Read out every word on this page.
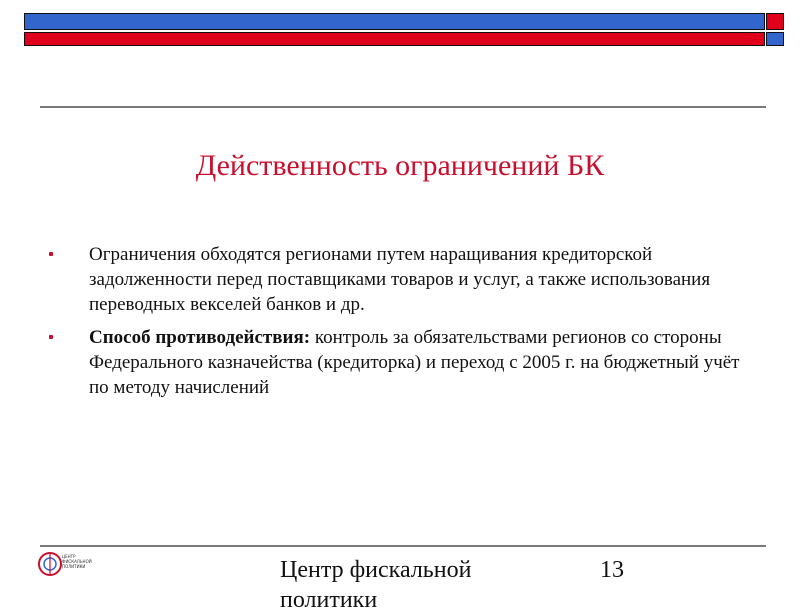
Действенность ограничений БК
Ограничения обходятся регионами путем наращивания кредиторской задолженности перед поставщиками товаров и услуг, а также использования переводных векселей банков и др.
Способ противодействия: контроль за обязательствами регионов со стороны Федерального казначейства (кредиторка) и переход с 2005 г. на бюджетный учёт по методу начислений
ЦЕНТР
ФИСКАЛЬНОЙ
ПОЛИТИКИ	Центр фискальной политики
13
